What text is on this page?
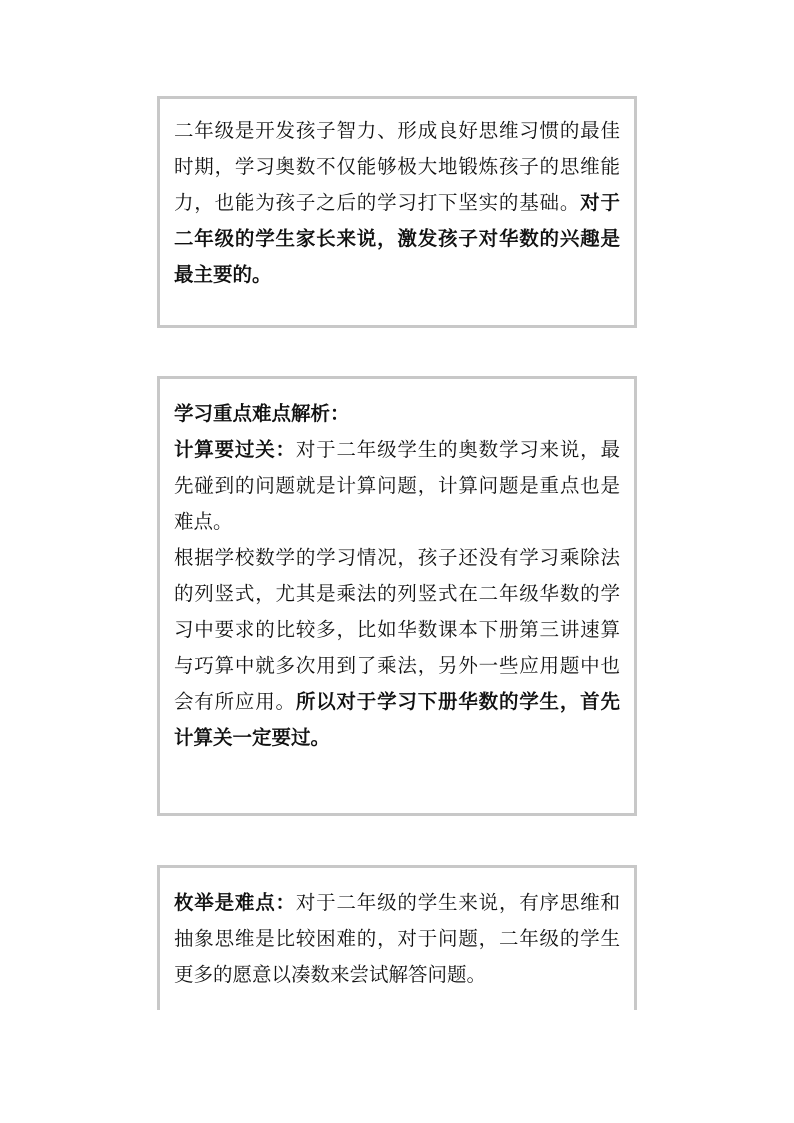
二年级是开发孩子智力、形成良好思维习惯的最佳时期，学习奥数不仅能够极大地锻炼孩子的思维能力，也能为孩子之后的学习打下坚实的基础。对于二年级的学生家长来说，激发孩子对华数的兴趣是最主要的。

学习重点难点解析：

计算要过关：对于二年级学生的奥数学习来说，最先碰到的问题就是计算问题，计算问题是重点也是难点。

根据学校数学的学习情况，孩子还没有学习乘除法的列竖式，尤其是乘法的列竖式在二年级华数的学习中要求的比较多，比如华数课本下册第三讲速算与巧算中就多次用到了乘法，另外一些应用题中也会有所应用。所以对于学习下册华数的学生，首先计算关一定要过。

枚举是难点：对于二年级的学生来说，有序思维和抽象思维是比较困难的，对于问题，二年级的学生更多的愿意以凑数来尝试解答问题。
